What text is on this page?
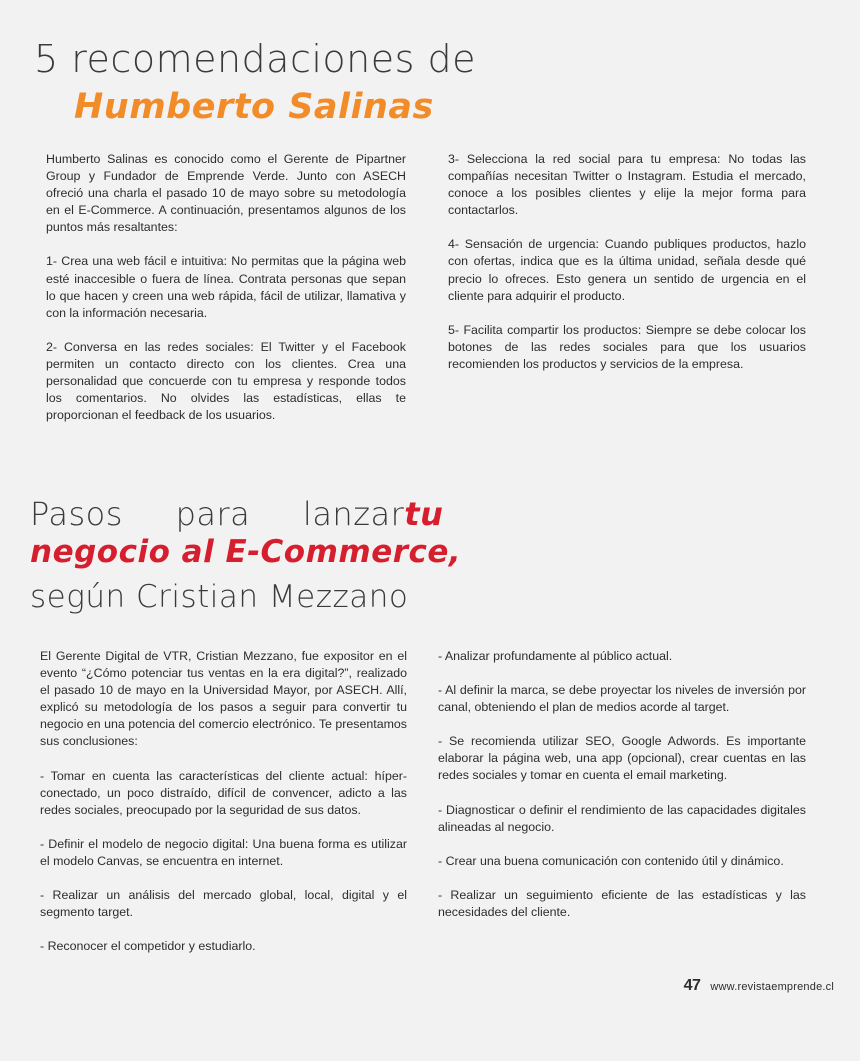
5 recomendaciones de
Humberto Salinas

Humberto Salinas es conocido como el Gerente de Pipartner Group y Fundador de Emprende Verde. Junto con ASECH ofreció una charla el pasado 10 de mayo sobre su metodología en el E-Commerce. A continuación, presentamos algunos de los puntos más resaltantes:

1- Crea una web fácil e intuitiva: No permitas que la página web esté inaccesible o fuera de línea. Contrata personas que sepan lo que hacen y creen una web rápida, fácil de utilizar, llamativa y con la información necesaria.

2- Conversa en las redes sociales: El Twitter y el Facebook permiten un contacto directo con los clientes. Crea una personalidad que concuerde con tu empresa y responde todos los comentarios. No olvides las estadísticas, ellas te proporcionan el feedback de los usuarios.

3- Selecciona la red social para tu empresa: No todas las compañías necesitan Twitter o Instagram. Estudia el mercado, conoce a los posibles clientes y elije la mejor forma para contactarlos.

4- Sensación de urgencia: Cuando publiques productos, hazlo con ofertas, indica que es la última unidad, señala desde qué precio lo ofreces. Esto genera un sentido de urgencia en el cliente para adquirir el producto.

5- Facilita compartir los productos: Siempre se debe colocar los botones de las redes sociales para que los usuarios recomienden los productos y servicios de la empresa.

Pasos para lanzar tu
negocio al E-Commerce,
según Cristian Mezzano

El Gerente Digital de VTR, Cristian Mezzano, fue expositor en el evento “¿Cómo potenciar tus ventas en la era digital?”, realizado el pasado 10 de mayo en la Universidad Mayor, por ASECH. Allí, explicó su metodología de los pasos a seguir para convertir tu negocio en una potencia del comercio electrónico. Te presentamos sus conclusiones:

- Tomar en cuenta las características del cliente actual: híper-conectado, un poco distraído, difícil de convencer, adicto a las redes sociales, preocupado por la seguridad de sus datos.

- Definir el modelo de negocio digital: Una buena forma es utilizar el modelo Canvas, se encuentra en internet.

- Realizar un análisis del mercado global, local, digital y el segmento target.

- Reconocer el competidor y estudiarlo.

- Analizar profundamente al público actual.

- Al definir la marca, se debe proyectar los niveles de inversión por canal, obteniendo el plan de medios acorde al target.

- Se recomienda utilizar SEO, Google Adwords. Es importante elaborar la página web, una app (opcional), crear cuentas en las redes sociales y tomar en cuenta el email marketing.

- Diagnosticar o definir el rendimiento de las capacidades digitales alineadas al negocio.

- Crear una buena comunicación con contenido útil y dinámico.

- Realizar un seguimiento eficiente de las estadísticas y las necesidades del cliente.

47 www.revistaemprende.cl
